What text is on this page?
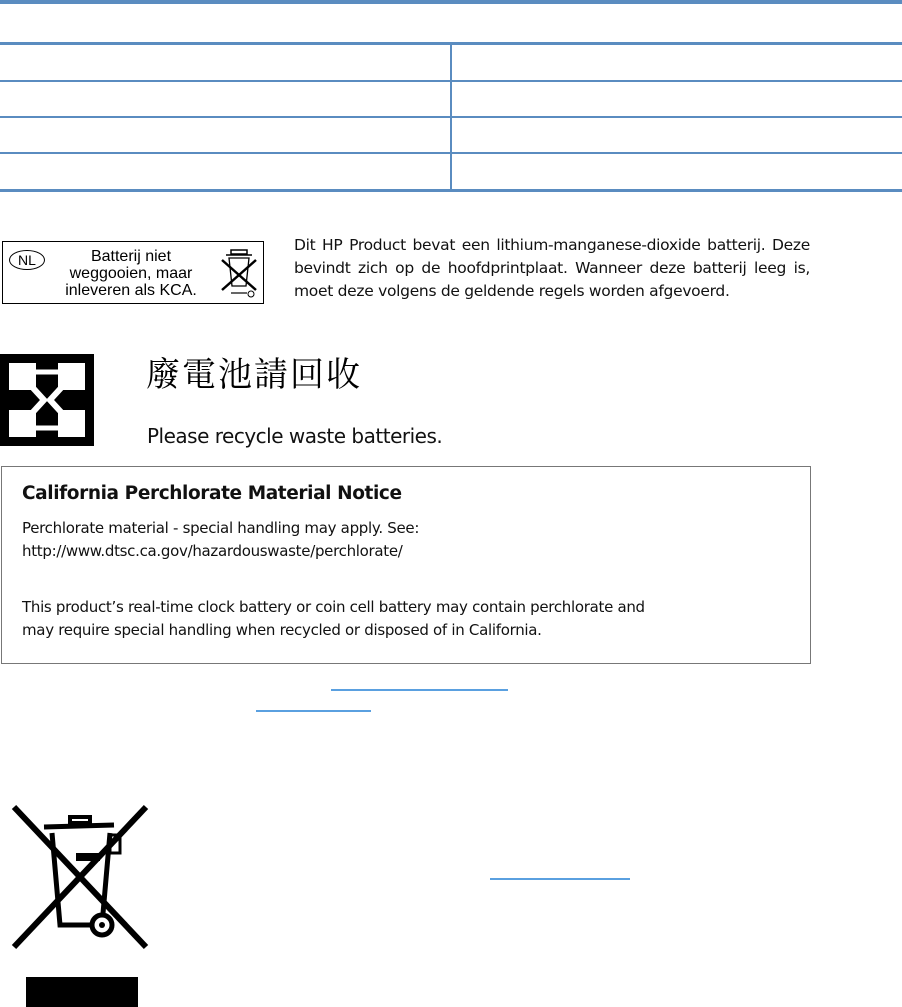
NL	Batterij niet
weggooien, maar
inleveren als KCA.
Dit HP Product bevat een lithium-manganese-dioxide batterij. Deze bevindt zich op de hoofdprintplaat. Wanneer deze batterij leeg is, moet deze volgens de geldende regels worden afgevoerd.
廢電池請回收
Please recycle waste batteries.
California Perchlorate Material Notice
Perchlorate material - special handling may apply. See:
http://www.dtsc.ca.gov/hazardouswaste/perchlorate/
This product’s real-time clock battery or coin cell battery may contain perchlorate and
may require special handling when recycled or disposed of in California.
